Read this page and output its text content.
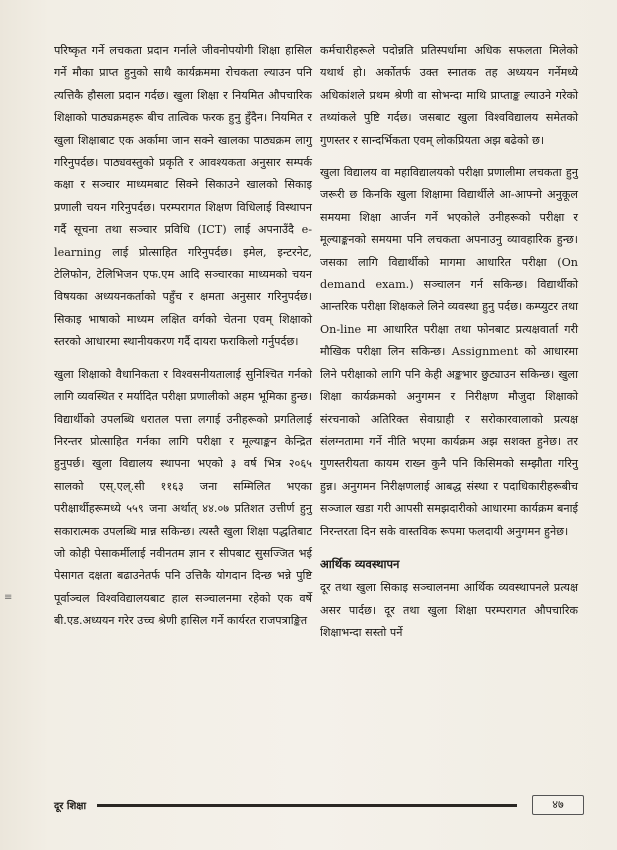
परिष्कृत गर्ने लचकता प्रदान गर्नाले जीवनोपयोगी शिक्षा हासिल गर्ने मौका प्राप्त हुनुको साथै कार्यक्रममा रोचकता ल्याउन पनि त्यत्तिकै हौसला प्रदान गर्दछ। खुला शिक्षा र नियमित औपचारिक शिक्षाको पाठ्यक्रमहरू बीच तात्विक फरक हुनु हुँदैन। नियमित र खुला शिक्षाबाट एक अर्कामा जान सक्ने खालका पाठ्यक्रम लागु गरिनुपर्दछ। पाठ्यवस्तुको प्रकृति र आवश्यकता अनुसार सम्पर्क कक्षा र सञ्चार माध्यमबाट सिक्ने सिकाउने खालको सिकाइ प्रणाली चयन गरिनुपर्दछ। परम्परागत शिक्षण विधिलाई विस्थापन गर्दै सूचना तथा सञ्चार प्रविधि (ICT) लाई अपनाउँदै e-learning लाई प्रोत्साहित गरिनुपर्दछ। इमेल, इन्टरनेट, टेलिफोन, टेलिभिजन एफ.एम आदि सञ्चारका माध्यमको चयन विषयका अध्ययनकर्ताको पहुँच र क्षमता अनुसार गरिनुपर्दछ। सिकाइ भाषाको माध्यम लक्षित वर्गको चेतना एवम् शिक्षाको स्तरको आधारमा स्थानीयकरण गर्दै दायरा फराकिलो गर्नुपर्दछ।

खुला शिक्षाको वैधानिकता र विश्वसनीयतालाई सुनिश्चित गर्नको लागि व्यवस्थित र मर्यादित परीक्षा प्रणालीको अहम भूमिका हुन्छ। विद्यार्थीको उपलब्धि धरातल पत्ता लगाई उनीहरूको प्रगतिलाई निरन्तर प्रोत्साहित गर्नका लागि परीक्षा र मूल्याङ्कन केन्द्रित हुनुपर्छ। खुला विद्यालय स्थापना भएको ३ वर्ष भित्र २०६५ सालको एस्.एल्.सी ११६३ जना सम्मिलित भएका परीक्षार्थीहरूमध्ये ५५९ जना अर्थात् ४४.०७ प्रतिशत उत्तीर्ण हुनु सकारात्मक उपलब्धि मान्न सकिन्छ। त्यस्तै खुला शिक्षा पद्धतिबाट जो कोही पेसाकर्मीलाई नवीनतम ज्ञान र सीपबाट सुसज्जित भई पेसागत दक्षता बढाउनेतर्फ पनि उत्तिकै योगदान दिन्छ भन्ने पुष्टि पूर्वाञ्चल विश्वविद्यालयबाट हाल सञ्चालनमा रहेको एक वर्षे बी.एड.अध्ययन गरेर उच्च श्रेणी हासिल गर्ने कार्यरत राजपत्राङ्कित

कर्मचारीहरूले पदोन्नति प्रतिस्पर्धामा अधिक सफलता मिलेको यथार्थ हो। अर्कोतर्फ उक्त स्नातक तह अध्ययन गर्नेमध्ये अधिकांशले प्रथम श्रेणी वा सोभन्दा माथि प्राप्ताङ्क ल्याउने गरेको तथ्यांकले पुष्टि गर्दछ। जसबाट खुला विश्वविद्यालय समेतको गुणस्तर र सान्दर्भिकता एवम् लोकप्रियता अझ बढेको छ।

खुला विद्यालय वा महाविद्यालयको परीक्षा प्रणालीमा लचकता हुनु जरूरी छ किनकि खुला शिक्षामा विद्यार्थीले आ-आफ्नो अनुकूल समयमा शिक्षा आर्जन गर्ने भएकोले उनीहरूको परीक्षा र मूल्याङ्कनको समयमा पनि लचकता अपनाउनु व्यावहारिक हुन्छ। जसका लागि विद्यार्थीको मागमा आधारित परीक्षा (On demand exam.) सञ्चालन गर्न सकिन्छ। विद्यार्थीको आन्तरिक परीक्षा शिक्षकले लिने व्यवस्था हुनु पर्दछ। कम्प्युटर तथा On-line मा आधारित परीक्षा तथा फोनबाट प्रत्यक्षवार्ता गरी मौखिक परीक्षा लिन सकिन्छ। Assignment को आधारमा लिने परीक्षाको लागि पनि केही अङ्कभार छुट्याउन सकिन्छ। खुला शिक्षा कार्यक्रमको अनुगमन र निरीक्षण मौजुदा शिक्षाको संरचनाको अतिरिक्त सेवाग्राही र सरोकारवालाको प्रत्यक्ष संलग्नतामा गर्ने नीति भएमा कार्यक्रम अझ सशक्त हुनेछ। तर गुणस्तरीयता कायम राख्न कुनै पनि किसिमको सम्झौता गरिनु हुन्न। अनुगमन निरीक्षणलाई आबद्ध संस्था र पदाधिकारीहरूबीच सञ्जाल खडा गरी आपसी समझदारीको आधारमा कार्यक्रम बनाई निरन्तरता दिन सके वास्तविक रूपमा फलदायी अनुगमन हुनेछ।

आर्थिक व्यवस्थापन

दूर तथा खुला सिकाइ सञ्चालनमा आर्थिक व्यवस्थापनले प्रत्यक्ष असर पार्दछ। दूर तथा खुला शिक्षा परम्परागत औपचारिक शिक्षाभन्दा सस्तो पर्ने

≡
दूर शिक्षा	४७
